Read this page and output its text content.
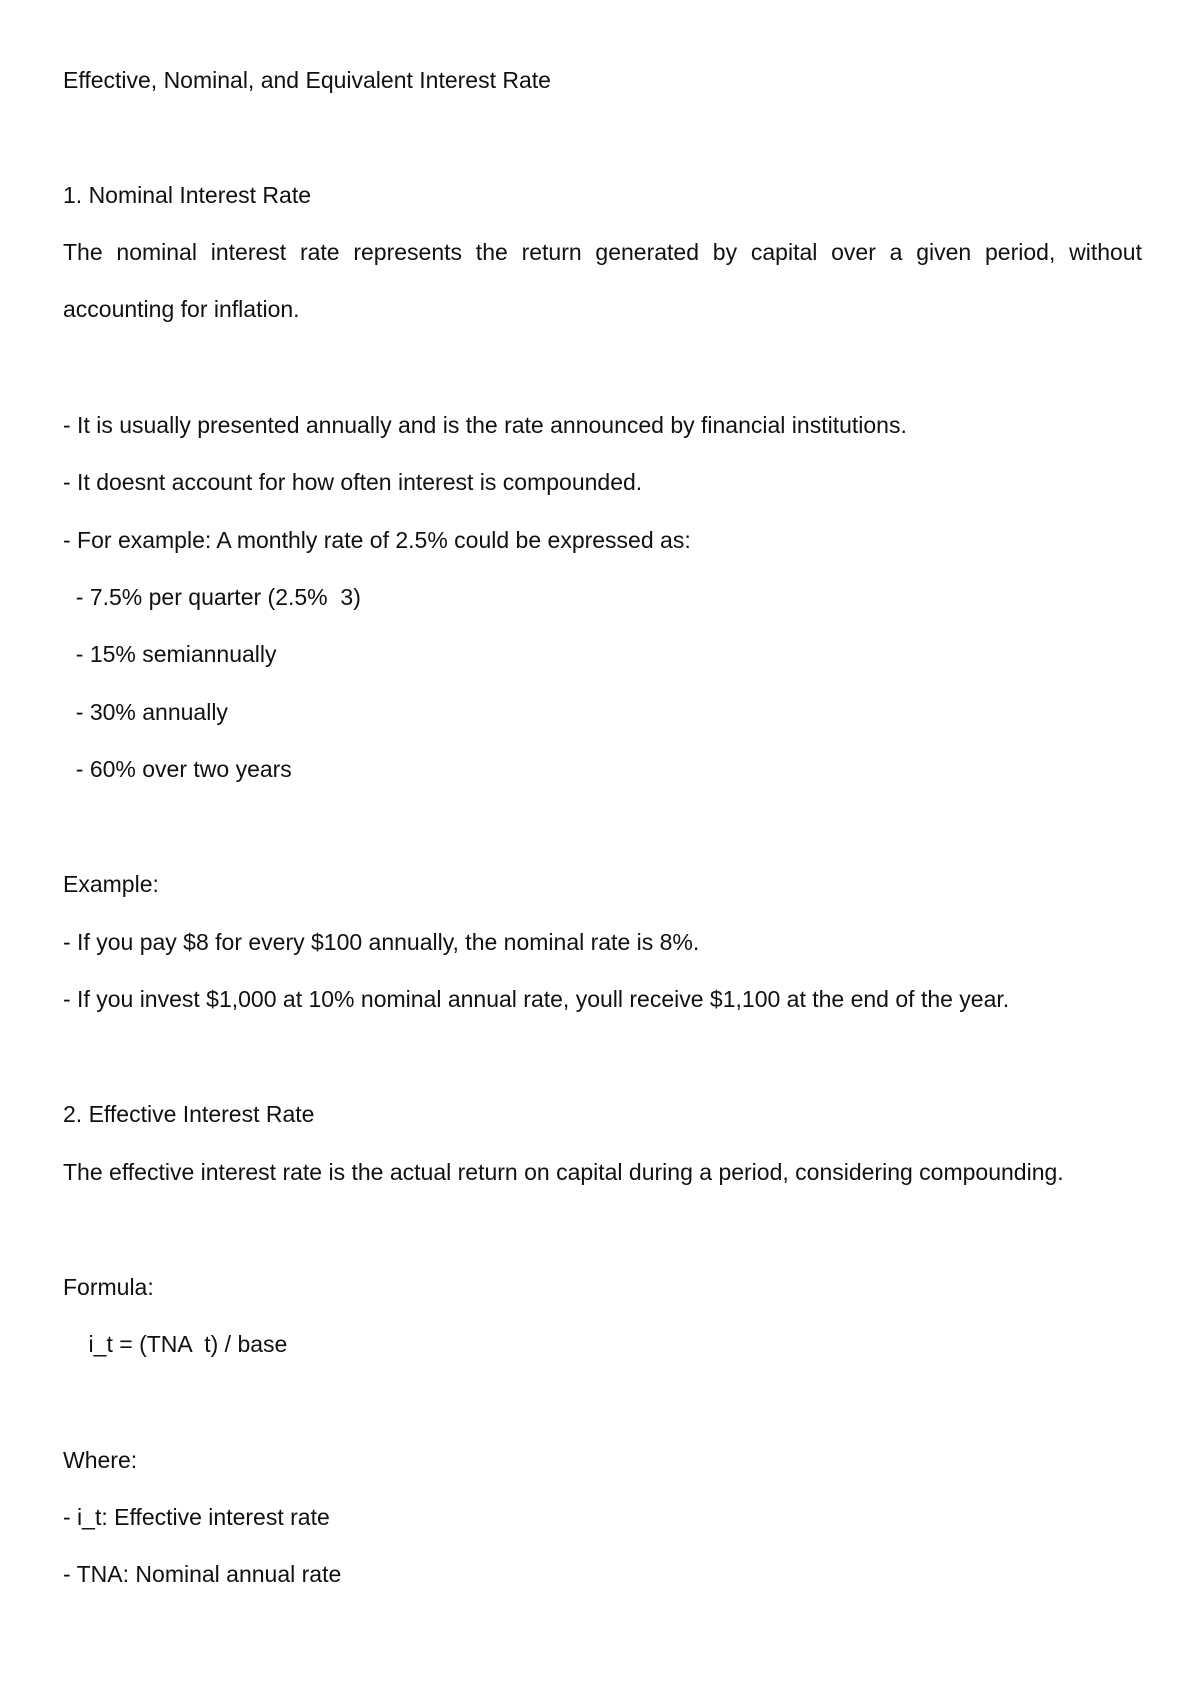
Effective, Nominal, and Equivalent Interest Rate

1. Nominal Interest Rate

The nominal interest rate represents the return generated by capital over a given period, without

accounting for inflation.

- It is usually presented annually and is the rate announced by financial institutions.

- It doesnt account for how often interest is compounded.

- For example: A monthly rate of 2.5% could be expressed as:

- 7.5% per quarter (2.5%  3)

- 15% semiannually

- 30% annually

- 60% over two years

Example:

- If you pay $8 for every $100 annually, the nominal rate is 8%.

- If you invest $1,000 at 10% nominal annual rate, youll receive $1,100 at the end of the year.

2. Effective Interest Rate

The effective interest rate is the actual return on capital during a period, considering compounding.

Formula:

i_t = (TNA  t) / base

Where:

- i_t: Effective interest rate

- TNA: Nominal annual rate
